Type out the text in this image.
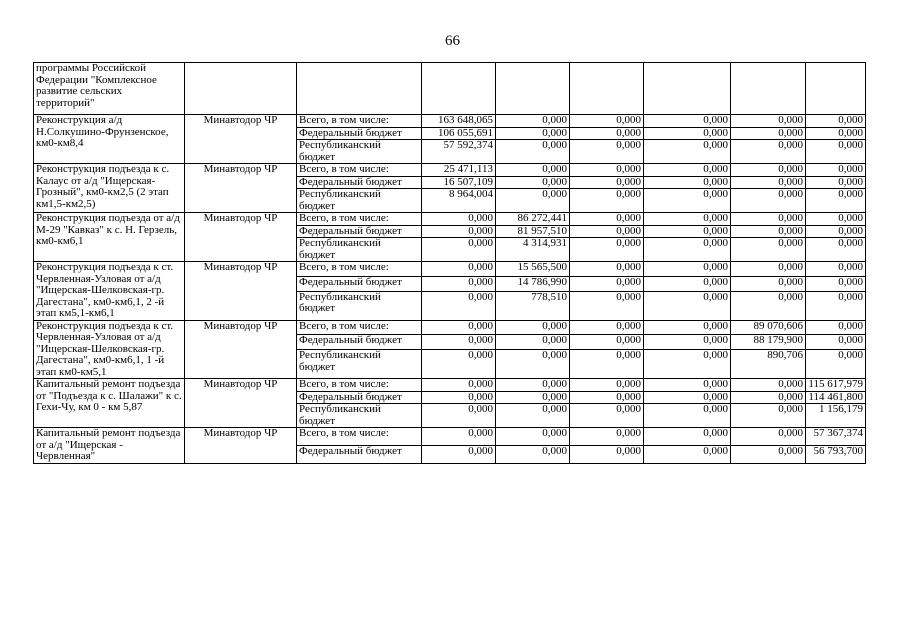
66
программы Российской Федерации "Комплексное развитие сельских территорий"								
Реконструкция а/д Н.Солкушино-Фрунзенское, км0-км8,4	Минавтодор ЧР	Всего, в том числе:	163 648,065	0,000	0,000	0,000	0,000	0,000
		Федеральный бюджет	106 055,691	0,000	0,000	0,000	0,000	0,000
		Республиканский бюджет	57 592,374	0,000	0,000	0,000	0,000	0,000
Реконструкция подъезда к с. Калаус от а/д "Ищерская-Грозный", км0-км2,5 (2 этап км1,5-км2,5)	Минавтодор ЧР	Всего, в том числе:	25 471,113	0,000	0,000	0,000	0,000	0,000
		Федеральный бюджет	16 507,109	0,000	0,000	0,000	0,000	0,000
		Республиканский бюджет	8 964,004	0,000	0,000	0,000	0,000	0,000
Реконструкция подъезда от а/д М-29 "Кавказ" к с. Н. Герзель, км0-км6,1	Минавтодор ЧР	Всего, в том числе:	0,000	86 272,441	0,000	0,000	0,000	0,000
		Федеральный бюджет	0,000	81 957,510	0,000	0,000	0,000	0,000
		Республиканский бюджет	0,000	4 314,931	0,000	0,000	0,000	0,000
Реконструкция подъезда к ст. Червленная-Узловая от а/д "Ищерская-Шелковская-гр. Дагестана", км0-км6,1, 2 -й этап км5,1-км6,1	Минавтодор ЧР	Всего, в том числе:	0,000	15 565,500	0,000	0,000	0,000	0,000
		Федеральный бюджет	0,000	14 786,990	0,000	0,000	0,000	0,000
		Республиканский бюджет	0,000	778,510	0,000	0,000	0,000	0,000
Реконструкция подъезда к ст. Червленная-Узловая от а/д "Ищерская-Шелковская-гр. Дагестана", км0-км6,1, 1 -й этап км0-км5,1	Минавтодор ЧР	Всего, в том числе:	0,000	0,000	0,000	0,000	89 070,606	0,000
		Федеральный бюджет	0,000	0,000	0,000	0,000	88 179,900	0,000
		Республиканский бюджет	0,000	0,000	0,000	0,000	890,706	0,000
Капитальный ремонт подъезда от "Подъезда к с. Шалажи" к с. Гехи-Чу, км 0 - км 5,87	Минавтодор ЧР	Всего, в том числе:	0,000	0,000	0,000	0,000	0,000	115 617,979
		Федеральный бюджет	0,000	0,000	0,000	0,000	0,000	114 461,800
		Республиканский бюджет	0,000	0,000	0,000	0,000	0,000	1 156,179
Капитальный ремонт подъезда от а/д "Ищерская - Червленная"	Минавтодор ЧР	Всего, в том числе:	0,000	0,000	0,000	0,000	0,000	57 367,374
		Федеральный бюджет	0,000	0,000	0,000	0,000	0,000	56 793,700
